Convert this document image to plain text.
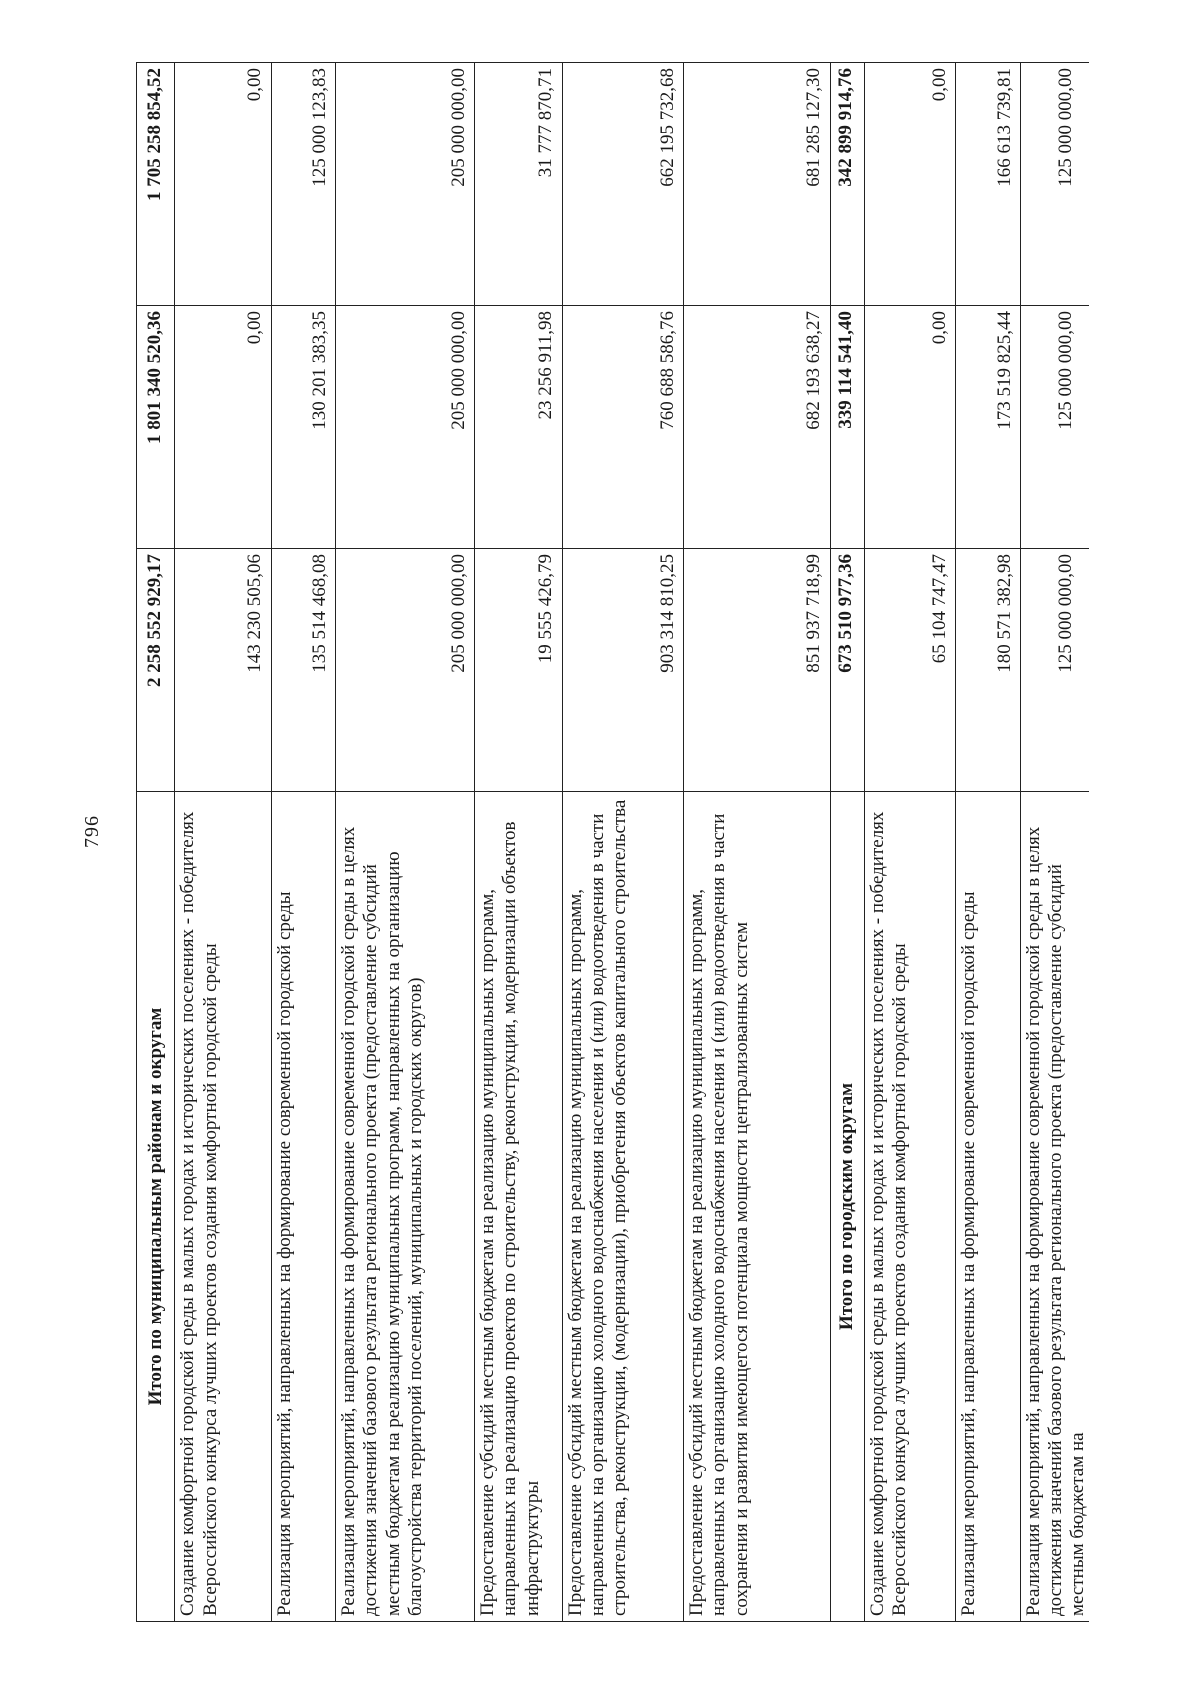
796
Итого по муниципальным районам и округам	2 258 552 929,17	1 801 340 520,36	1 705 258 854,52
Создание комфортной городской среды в малых городах и исторических поселениях - победителях Всероссийского конкурса лучших проектов создания комфортной городской среды	143 230 505,06	0,00	0,00
Реализация мероприятий, направленных на формирование современной городской среды	135 514 468,08	130 201 383,35	125 000 123,83
Реализация мероприятий, направленных на формирование современной городской среды в целях достижения значений базового результата регионального проекта (предоставление субсидий местным бюджетам на реализацию муниципальных программ, направленных на организацию благоустройства территорий поселений, муниципальных и городских округов)	205 000 000,00	205 000 000,00	205 000 000,00
Предоставление субсидий местным бюджетам на реализацию муниципальных программ, направленных на реализацию проектов по строительству, реконструкции, модернизации объектов инфраструктуры	19 555 426,79	23 256 911,98	31 777 870,71
Предоставление субсидий местным бюджетам на реализацию муниципальных программ, направленных на организацию холодного водоснабжения населения и (или) водоотведения в части строительства, реконструкции, (модернизации), приобретения объектов капитального строительства	903 314 810,25	760 688 586,76	662 195 732,68
Предоставление субсидий местным бюджетам на реализацию муниципальных программ, направленных на организацию холодного водоснабжения населения и (или) водоотведения в части сохранения и развития имеющегося потенциала мощности централизованных систем	851 937 718,99	682 193 638,27	681 285 127,30
Итого по городским округам	673 510 977,36	339 114 541,40	342 899 914,76
Создание комфортной городской среды в малых городах и исторических поселениях - победителях Всероссийского конкурса лучших проектов создания комфортной городской среды	65 104 747,47	0,00	0,00
Реализация мероприятий, направленных на формирование современной городской среды	180 571 382,98	173 519 825,44	166 613 739,81

Реализация мероприятий, направленных на формирование современной городской среды в целях достижения значений базового результата регионального проекта (предоставление субсидий местным бюджетам на	125 000 000,00	125 000 000,00	125 000 000,00
